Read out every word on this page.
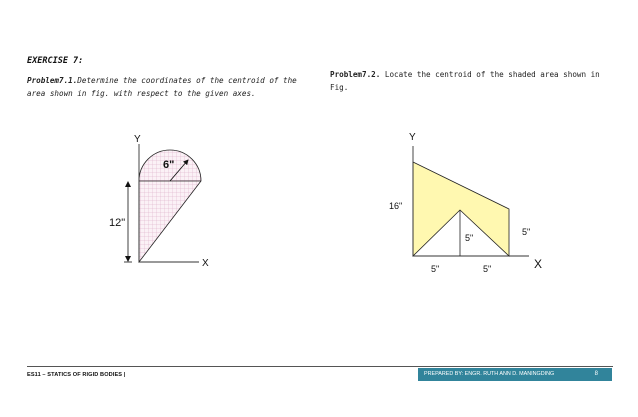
EXERCISE 7:
Problem7.1.Determine the coordinates of the centroid of the area shown in fig. with respect to the given axes.
Problem7.2. Locate the centroid of the shaded area shown in Fig.
Y
X
6"
12"
Y
X
16"
5"
5"
5"	5"
ES11 – STATICS OF RIGID BODIES |	PREPARED BY: ENGR. RUTH ANN D. MANINGDING	8
